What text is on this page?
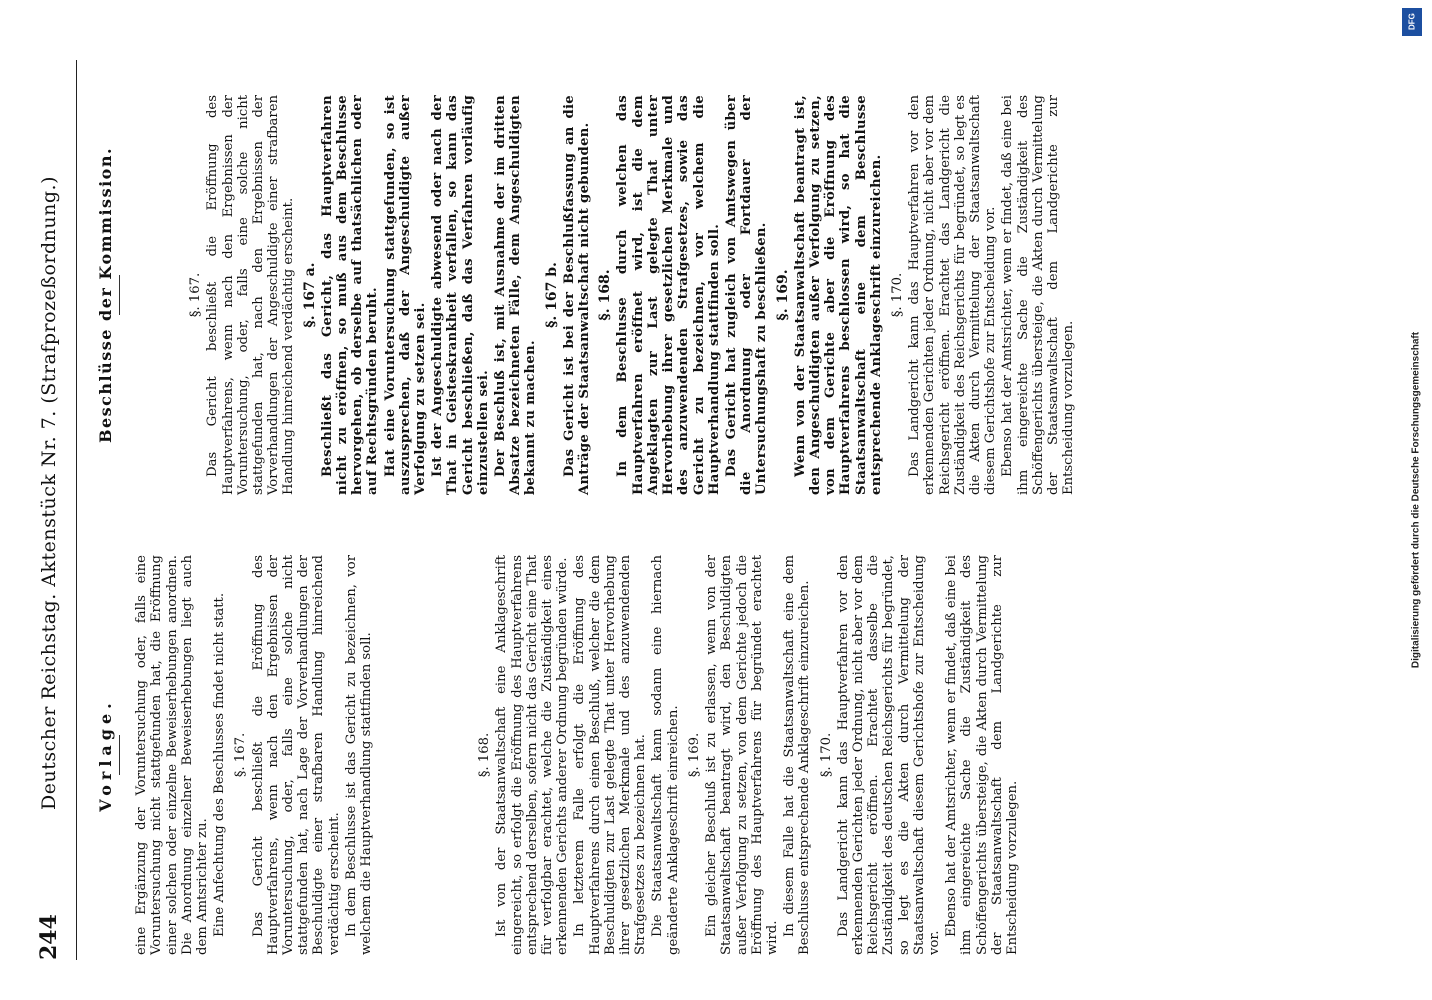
244
Deutscher Reichstag. Aktenstück Nr. 7. (Strafprozeßordnung.) Vorlage. eine Ergänzung der Voruntersuchung oder, falls eine Voruntersuchung nicht stattgefunden hat, die Eröffnung einer solchen oder einzelne Beweiserhebungen anordnen. Die Anordnung einzelner Beweiserhebungen liegt auch dem Amtsrichter zu. Eine Anfechtung des Beschlusses findet nicht statt. §. 167. Das Gericht beschließt die Eröffnung des Hauptverfahrens, wenn nach den Ergebnissen der Voruntersuchung, oder, falls eine solche nicht stattgefunden hat, nach Lage der Vorverhandlungen der Beschuldigte einer strafbaren Handlung hinreichend verdächtig erscheint. In dem Beschlusse ist das Gericht zu bezeichnen, vor welchem die Hauptverhandlung stattfinden soll.	§. 168. Ist von der Staatsanwaltschaft eine Anklageschrift eingereicht, so erfolgt die Eröffnung des Hauptverfahrens entsprechend derselben, sofern nicht das Gericht eine That für verfolgbar erachtet, welche die Zuständigkeit eines erkennenden Gerichts anderer Ordnung begründen würde. In letzterem Falle erfolgt die Eröffnung des Hauptverfahrens durch einen Beschluß, welcher die dem Beschuldigten zur Last gelegte That unter Hervorhebung ihrer gesetzlichen Merkmale und des anzuwendenden Strafgesetzes zu bezeichnen hat. Die Staatsanwaltschaft kann sodann eine hiernach geänderte Anklageschrift einreichen. §. 169. Ein gleicher Beschluß ist zu erlassen, wenn von der Staatsanwaltschaft beantragt wird, den Beschuldigten außer Verfolgung zu setzen, von dem Gerichte jedoch die Eröffnung des Hauptverfahrens für begründet erachtet wird.

In diesem Falle hat die Staatsanwaltschaft eine dem Beschlusse entsprechende Anklageschrift einzureichen. §. 170. Das Landgericht kann das Hauptverfahren vor den erkennenden Gerichten jeder Ordnung, nicht aber vor dem Reichsgericht eröffnen. Erachtet dasselbe die Zuständigkeit des deutschen Reichsgerichts für begründet, so legt es die Akten durch Vermittelung der Staatsanwaltschaft diesem Gerichtshofe zur Entscheidung vor.

Ebenso hat der Amtsrichter, wenn er findet, daß eine bei ihm eingereichte Sache die Zuständigkeit des Schöffengerichts übersteige, die Akten durch Vermittelung der Staatsanwaltschaft dem Landgerichte zur Entscheidung vorzulegen.

Beschlüsse der Kommission.	§. 167. Das Gericht beschließt die Eröffnung des Hauptverfahrens, wenn nach den Ergebnissen der Voruntersuchung, oder, falls eine solche nicht stattgefunden hat, nach den Ergebnissen der Vorverhandlungen der Angeschuldigte einer strafbaren Handlung hinreichend verdächtig erscheint. §. 167 a. Beschließt das Gericht, das Hauptverfahren nicht zu eröffnen, so muß aus dem Beschlusse hervorgehen, ob derselbe auf thatsächlichen oder auf Rechtsgründen beruht. Hat eine Voruntersuchung stattgefunden, so ist auszusprechen, daß der Angeschuldigte außer Verfolgung zu setzen sei. Ist der Angeschuldigte abwesend oder nach der That in Geisteskrankheit verfallen, so kann das Gericht beschließen, daß das Verfahren vorläufig einzustellen sei. Der Beschluß ist, mit Ausnahme der im dritten Absatze bezeichneten Fälle, dem Angeschuldigten bekannt zu machen.

§. 167 b. Das Gericht ist bei der Beschlußfassung an die Anträge der Staatsanwaltschaft nicht gebunden. §. 168. In dem Beschlusse durch welchen das Hauptverfahren eröffnet wird, ist die dem Angeklagten zur Last gelegte That unter Hervorhebung ihrer gesetzlichen Merkmale und des anzuwendenden Strafgesetzes, sowie das Gericht zu bezeichnen, vor welchem die Hauptverhandlung stattfinden soll. Das Gericht hat zugleich von Amtswegen über die Anordnung oder Fortdauer der Untersuchungshaft zu beschließen. §. 169. Wenn von der Staatsanwaltschaft beantragt ist, den Angeschuldigten außer Verfolgung zu setzen, von dem Gerichte aber die Eröffnung des Hauptverfahrens beschlossen wird, so hat die Staatsanwaltschaft eine dem Beschlusse entsprechende Anklageschrift einzureichen. §. 170. Das Landgericht kann das Hauptverfahren vor den erkennenden Gerichten jeder Ordnung, nicht aber vor dem Reichsgericht eröffnen. Erachtet das Landgericht die Zuständigkeit des Reichsgerichts für begründet, so legt es die Akten durch Vermittelung der Staatsanwaltschaft diesem Gerichtshofe zur Entscheidung vor. Ebenso hat der Amtsrichter, wenn er findet, daß eine bei ihm eingereichte Sache die Zuständigkeit des Schöffengerichts übersteige, die Akten durch Vermittelung der Staatsanwaltschaft dem Landgerichte zur Entscheidung vorzulegen.

DFG
Digitalisierung gefördert durch die Deutsche Forschungsgemeinschaft
